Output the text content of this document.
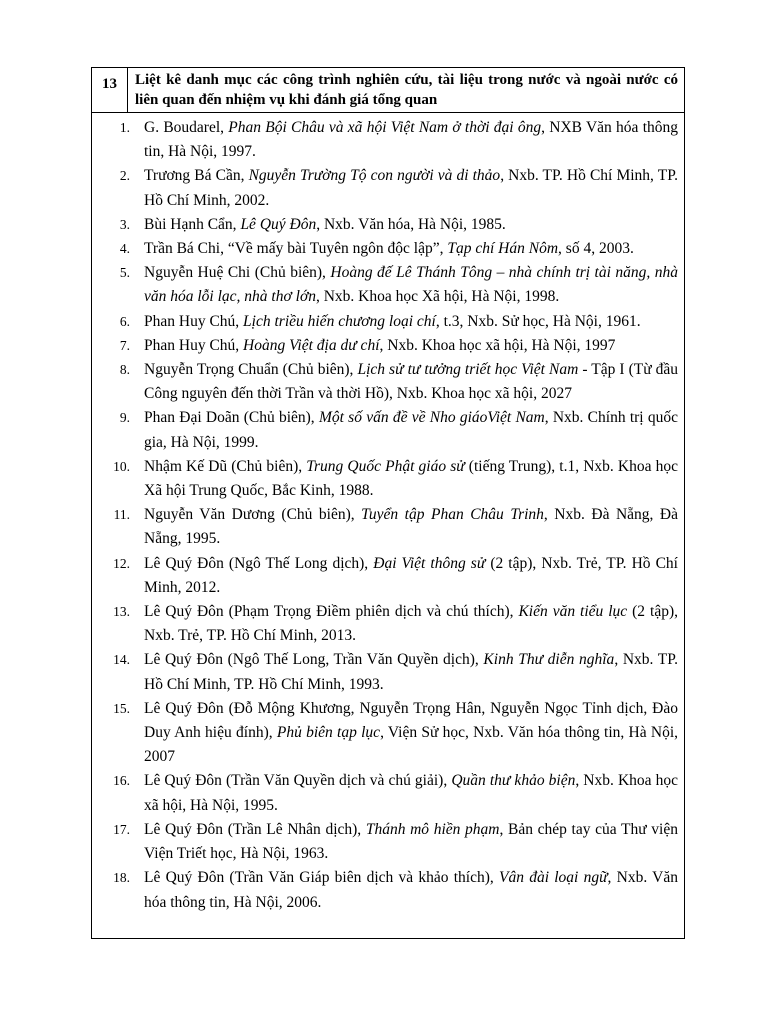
13	Liệt kê danh mục các công trình nghiên cứu, tài liệu trong nước và ngoài nước có liên quan đến nhiệm vụ khi đánh giá tổng quan
1. G. Boudarel, Phan Bội Châu và xã hội Việt Nam ở thời đại ông, NXB Văn hóa thông tin, Hà Nội, 1997.
2. Trương Bá Cần, Nguyễn Trường Tộ con người và di thảo, Nxb. TP. Hồ Chí Minh, TP. Hồ Chí Minh, 2002.
3. Bùi Hạnh Cẩn, Lê Quý Đôn, Nxb. Văn hóa, Hà Nội, 1985.
4. Trần Bá Chi, “Về mấy bài Tuyên ngôn độc lập”, Tạp chí Hán Nôm, số 4, 2003.
5. Nguyễn Huệ Chi (Chủ biên), Hoàng đế Lê Thánh Tông – nhà chính trị tài năng, nhà văn hóa lỗi lạc, nhà thơ lớn, Nxb. Khoa học Xã hội, Hà Nội, 1998.
6. Phan Huy Chú, Lịch triều hiến chương loại chí, t.3, Nxb. Sử học, Hà Nội, 1961.
7. Phan Huy Chú, Hoàng Việt địa dư chí, Nxb. Khoa học xã hội, Hà Nội, 1997
8. Nguyễn Trọng Chuẩn (Chủ biên), Lịch sử tư tưởng triết học Việt Nam - Tập I (Từ đầu Công nguyên đến thời Trần và thời Hồ), Nxb. Khoa học xã hội, 2027
9. Phan Đại Doãn (Chủ biên), Một số vấn đề về Nho giáoViệt Nam, Nxb. Chính trị quốc gia, Hà Nội, 1999.
10. Nhậm Kế Dũ (Chủ biên), Trung Quốc Phật giáo sử (tiếng Trung), t.1, Nxb. Khoa học Xã hội Trung Quốc, Bắc Kinh, 1988.
11. Nguyễn Văn Dương (Chủ biên), Tuyển tập Phan Châu Trinh, Nxb. Đà Nẵng, Đà Nẵng, 1995.
12. Lê Quý Đôn (Ngô Thế Long dịch), Đại Việt thông sử (2 tập), Nxb. Trẻ, TP. Hồ Chí Minh, 2012.
13. Lê Quý Đôn (Phạm Trọng Điềm phiên dịch và chú thích), Kiến văn tiểu lục (2 tập), Nxb. Trẻ, TP. Hồ Chí Minh, 2013.
14. Lê Quý Đôn (Ngô Thế Long, Trần Văn Quyền dịch), Kinh Thư diễn nghĩa, Nxb. TP. Hồ Chí Minh, TP. Hồ Chí Minh, 1993.
15. Lê Quý Đôn (Đỗ Mộng Khương, Nguyễn Trọng Hân, Nguyễn Ngọc Tỉnh dịch, Đào Duy Anh hiệu đính), Phủ biên tạp lục, Viện Sử học, Nxb. Văn hóa thông tin, Hà Nội, 2007
16. Lê Quý Đôn (Trần Văn Quyền dịch và chú giải), Quần thư khảo biện, Nxb. Khoa học xã hội, Hà Nội, 1995.
17. Lê Quý Đôn (Trần Lê Nhân dịch), Thánh mô hiền phạm, Bản chép tay của Thư viện Viện Triết học, Hà Nội, 1963.
18. Lê Quý Đôn (Trần Văn Giáp biên dịch và khảo thích), Vân đài loại ngữ, Nxb. Văn hóa thông tin, Hà Nội, 2006.
